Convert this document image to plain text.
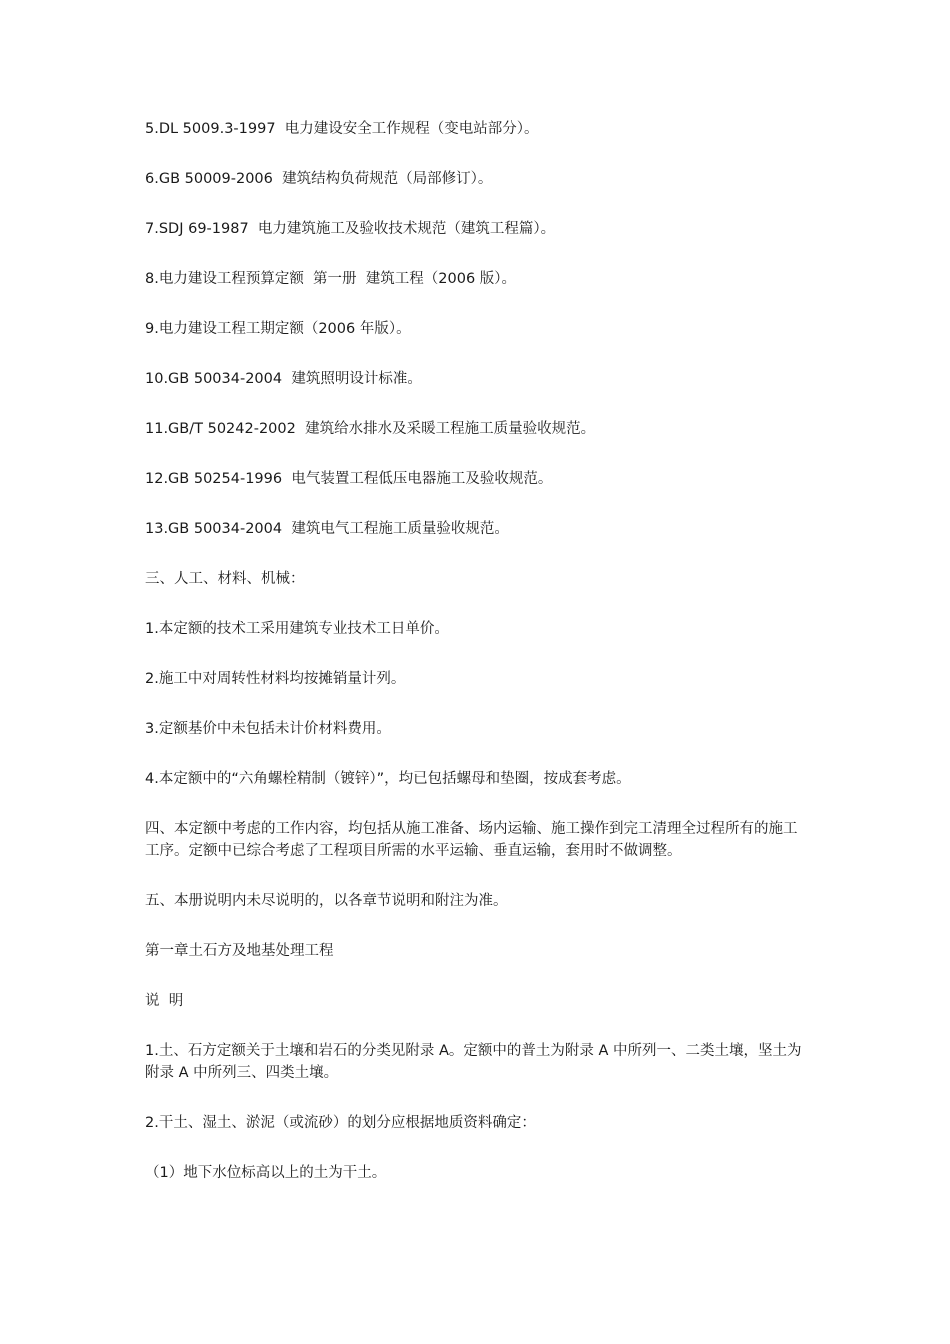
5.DL 5009.3-1997  电力建设安全工作规程（变电站部分）。

6.GB 50009-2006  建筑结构负荷规范（局部修订）。

7.SDJ 69-1987  电力建筑施工及验收技术规范（建筑工程篇）。

8.电力建设工程预算定额  第一册  建筑工程（2006 版）。

9.电力建设工程工期定额（2006 年版）。

10.GB 50034-2004  建筑照明设计标准。

11.GB/T 50242-2002  建筑给水排水及采暖工程施工质量验收规范。

12.GB 50254-1996  电气装置工程低压电器施工及验收规范。

13.GB 50034-2004  建筑电气工程施工质量验收规范。

三、人工、材料、机械：

1.本定额的技术工采用建筑专业技术工日单价。

2.施工中对周转性材料均按摊销量计列。

3.定额基价中未包括未计价材料费用。

4.本定额中的“六角螺栓精制（镀锌）”，均已包括螺母和垫圈，按成套考虑。

四、本定额中考虑的工作内容，均包括从施工准备、场内运输、施工操作到完工清理全过程所有的施工工序。定额中已综合考虑了工程项目所需的水平运输、垂直运输，套用时不做调整。

五、本册说明内未尽说明的，以各章节说明和附注为准。

第一章土石方及地基处理工程

说  明

1.土、石方定额关于土壤和岩石的分类见附录 A。定额中的普土为附录 A 中所列一、二类土壤，坚土为附录 A 中所列三、四类土壤。

2.干土、湿土、淤泥（或流砂）的划分应根据地质资料确定：

（1）地下水位标高以上的土为干土。
